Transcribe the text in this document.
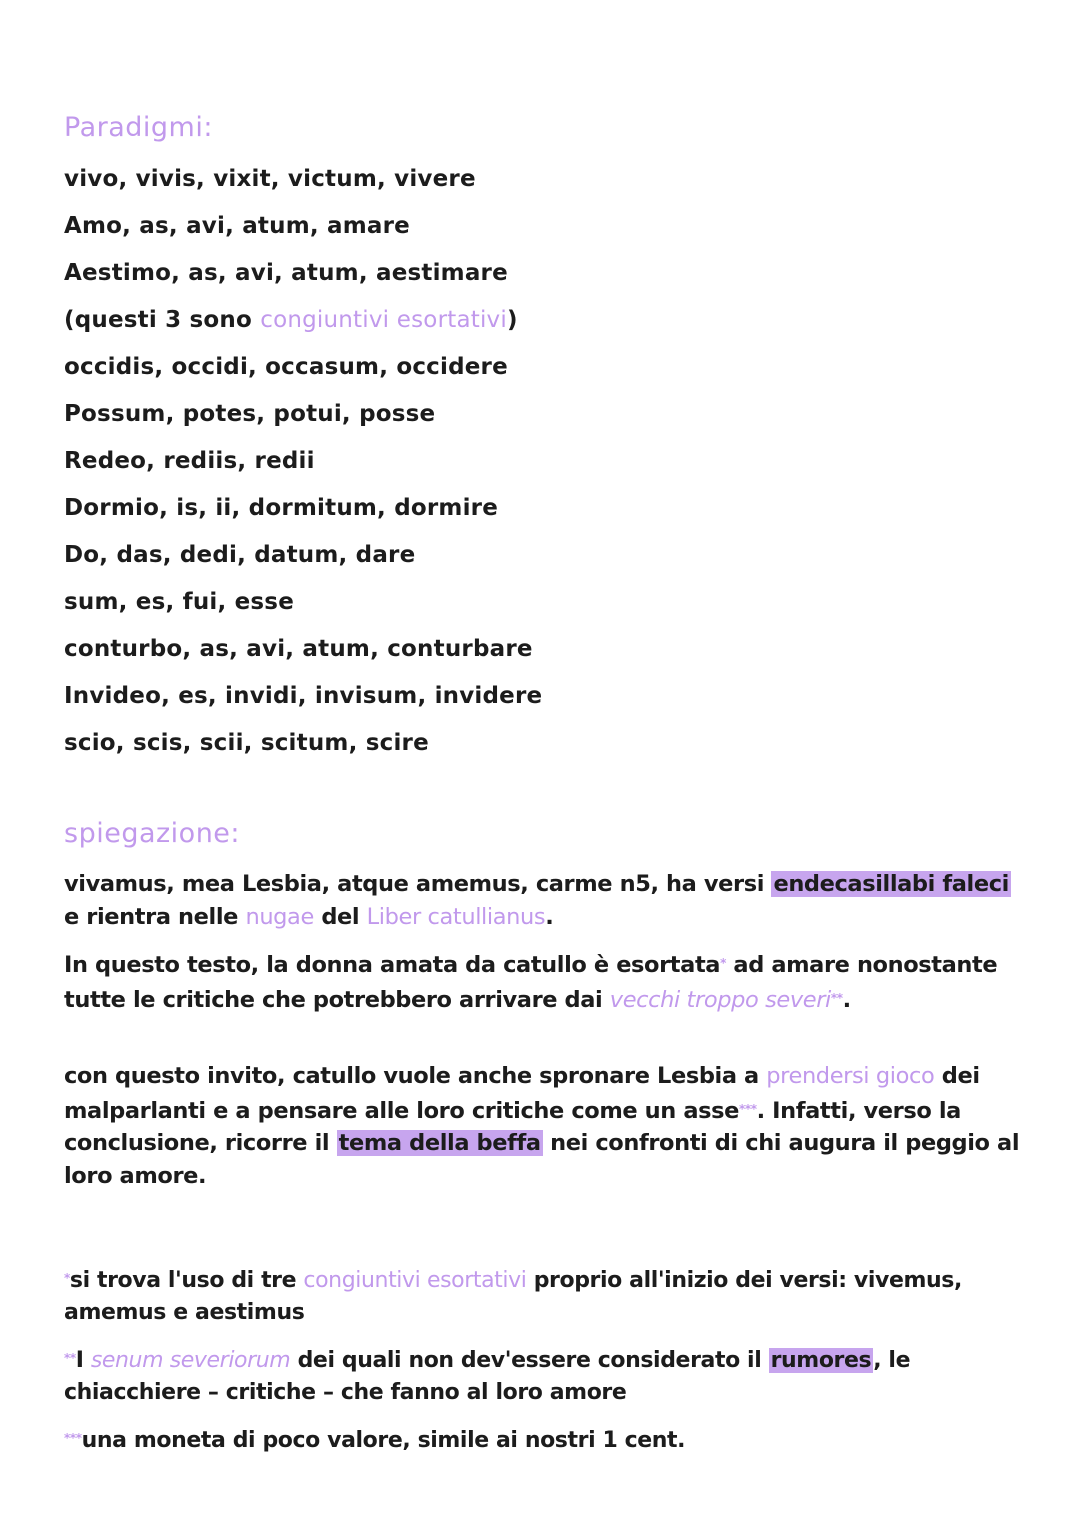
Paradigmi:

vivo, vivis, vixit, victum, vivere

Amo, as, avi, atum, amare

Aestimo, as, avi, atum, aestimare

(questi 3 sono congiuntivi esortativi)

occidis, occidi, occasum, occidere

Possum, potes, potui, posse

Redeo, rediis, redii

Dormio, is, ii, dormitum, dormire

Do, das, dedi, datum, dare

sum, es, fui, esse

conturbo, as, avi, atum, conturbare

Invideo, es, invidi, invisum, invidere

scio, scis, scii, scitum, scire

spiegazione:

vivamus, mea Lesbia, atque amemus, carme n5, ha versi endecasillabi faleci e rientra nelle nugae del Liber catullianus.

In questo testo, la donna amata da catullo è esortata* ad amare nonostante tutte le critiche che potrebbero arrivare dai vecchi troppo severi**.

con questo invito, catullo vuole anche spronare Lesbia a prendersi gioco dei malparlanti e a pensare alle loro critiche come un asse***. Infatti, verso la conclusione, ricorre il tema della beffa nei confronti di chi augura il peggio al loro amore.

*si trova l'uso di tre congiuntivi esortativi proprio all'inizio dei versi: vivemus, amemus e aestimus

**I senum severiorum dei quali non dev'essere considerato il rumores, le chiacchiere – critiche – che fanno al loro amore

***una moneta di poco valore, simile ai nostri 1 cent.
